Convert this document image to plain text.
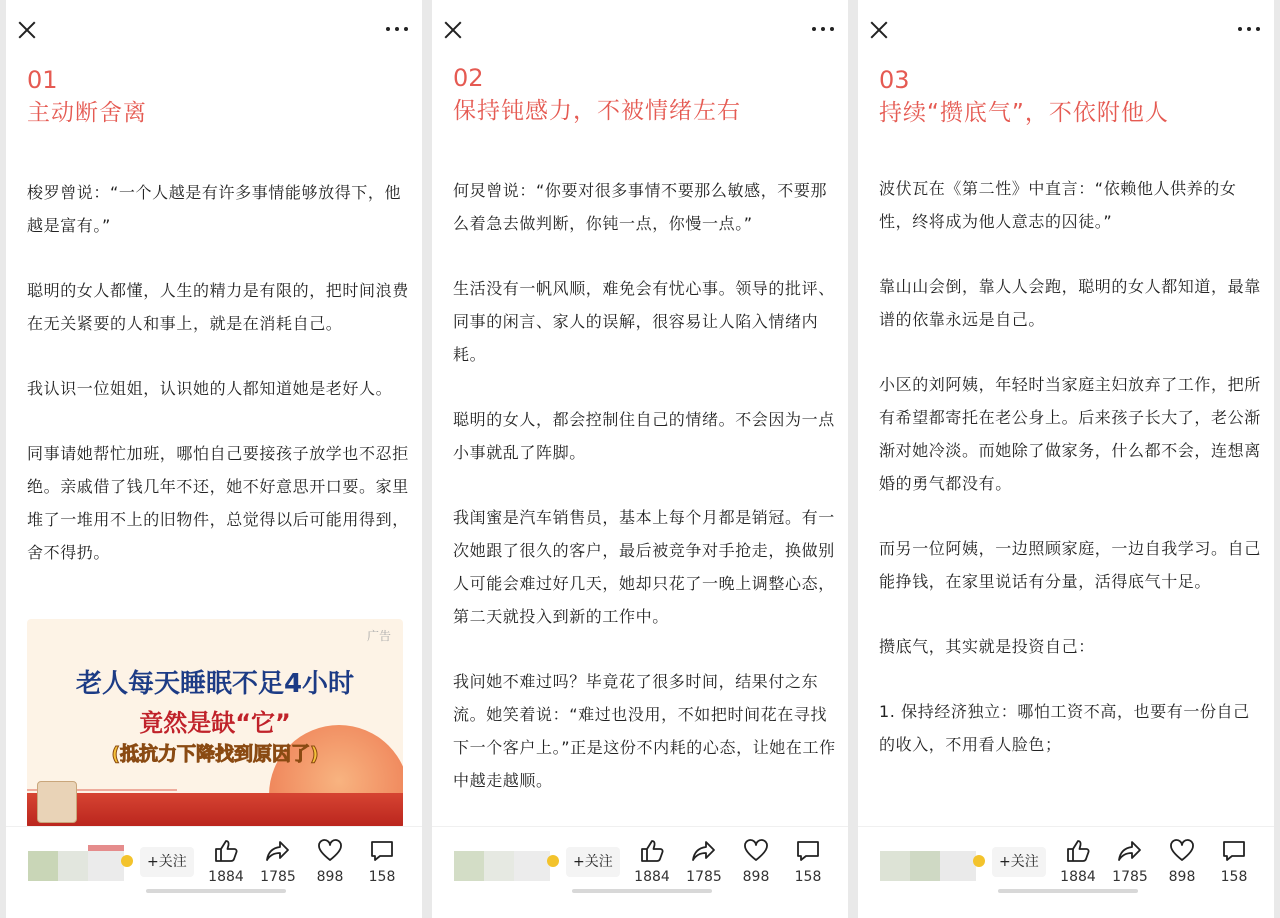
01

主动断舍离

梭罗曾说：“一个人越是有许多事情能够放得下，他越是富有。”

聪明的女人都懂，人生的精力是有限的，把时间浪费在无关紧要的人和事上，就是在消耗自己。

我认识一位姐姐，认识她的人都知道她是老好人。

同事请她帮忙加班，哪怕自己要接孩子放学也不忍拒绝。亲戚借了钱几年不还，她不好意思开口要。家里堆了一堆用不上的旧物件，总觉得以后可能用得到，舍不得扔。

广告
老人每天睡眠不足4小时
竟然是缺“它”
(抵抗力下降找到原因了)
+关注
1884 1785	898	158

02

保持钝感力，不被情绪左右

何炅曾说：“你要对很多事情不要那么敏感，不要那么着急去做判断，你钝一点，你慢一点。”

生活没有一帆风顺，难免会有忧心事。领导的批评、同事的闲言、家人的误解，很容易让人陷入情绪内耗。

聪明的女人，都会控制住自己的情绪。不会因为一点小事就乱了阵脚。

我闺蜜是汽车销售员，基本上每个月都是销冠。有一次她跟了很久的客户，最后被竞争对手抢走，换做别人可能会难过好几天，她却只花了一晚上调整心态，第二天就投入到新的工作中。

我问她不难过吗？毕竟花了很多时间，结果付之东流。她笑着说：“难过也没用，不如把时间花在寻找下一个客户上。”正是这份不内耗的心态，让她在工作中越走越顺。

+关注
1884 1785	898	158

03

持续“攒底气”，不依附他人

波伏瓦在《第二性》中直言：“依赖他人供养的女性，终将成为他人意志的囚徒。”

靠山山会倒，靠人人会跑，聪明的女人都知道，最靠谱的依靠永远是自己。

小区的刘阿姨，年轻时当家庭主妇放弃了工作，把所有希望都寄托在老公身上。后来孩子长大了，老公渐渐对她冷淡。而她除了做家务，什么都不会，连想离婚的勇气都没有。

而另一位阿姨，一边照顾家庭，一边自我学习。自己能挣钱，在家里说话有分量，活得底气十足。

攒底气，其实就是投资自己：

1. 保持经济独立：哪怕工资不高，也要有一份自己的收入，不用看人脸色；

+关注
1884 1785	898	158
